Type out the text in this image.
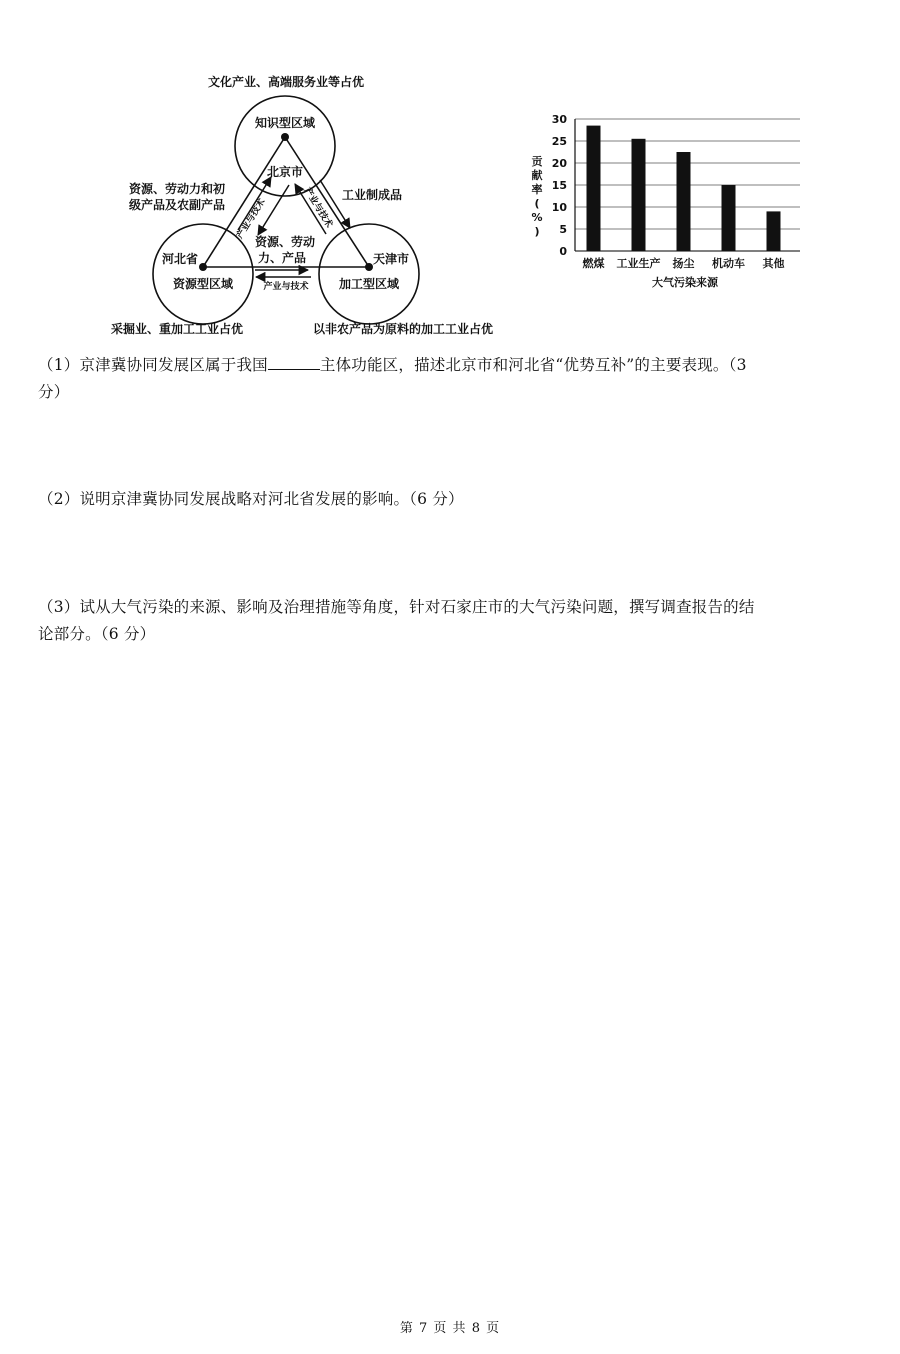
文化产业、高端服务业等占优
知识型区域
北京市
河北省
资源型区域
天津市
加工型区域
资源、劳动力和初
级产品及农副产品 产业与技术
工业制成品
产业与技术
资源、劳动
力、产品
产业与技术
采掘业、重加工工业占优	以非农产品为原料的加工工业占优
0
5
10
15
20
25
30
燃煤 工业生产 扬尘 机动车 其他
贡
献
率
(
%
)
大气污染来源
（1）京津冀协同发展区属于我国	主体功能区，描述北京市和河北省“优势互补”的主要表现。（3
分）
（2）说明京津冀协同发展战略对河北省发展的影响。（6 分）
（3）试从大气污染的来源、影响及治理措施等角度，针对石家庄市的大气污染问题，撰写调查报告的结
论部分。（6 分）
第 7 页 共 8 页
